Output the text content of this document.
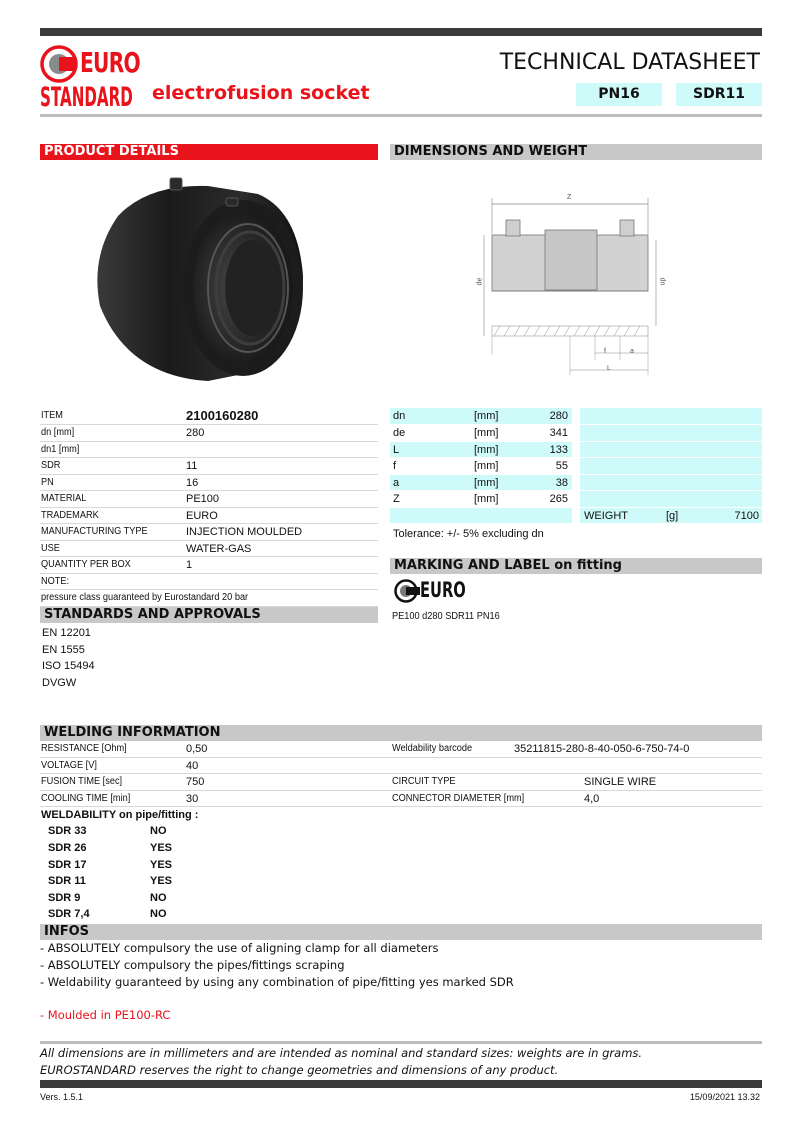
EURO
STANDARD electrofusion socket
TECHNICAL DATASHEET
PN16	SDR11
PRODUCT DETAILS	DIMENSIONS AND WEIGHT
Z
de	dn
f	a
L
ITEM	2100160280
dn [mm]	280
dn1 [mm]
SDR	11
PN	16
MATERIAL	PE100
TRADEMARK	EURO
MANUFACTURING TYPE	INJECTION MOULDED
USE	WATER-GAS
QUANTITY PER BOX	1
NOTE:
pressure class guaranteed by Eurostandard 20 bar
dn	[mm]	280
de	[mm]	341
L	[mm]	133
f	[mm]	55
a	[mm]	38
Z	[mm]	265
WEIGHT	[g]	7100
Tolerance: +/- 5% excluding dn
MARKING AND LABEL on fitting
EURO
PE100 d280 SDR11 PN16
STANDARDS AND APPROVALS
EN 12201
EN 1555
ISO 15494
DVGW
WELDING INFORMATION
RESISTANCE [Ohm]	0,50	Weldability barcode	35211815-280-8-40-050-6-750-74-0
VOLTAGE [V]	40
FUSION TIME [sec]	750	CIRCUIT TYPE	SINGLE WIRE
COOLING TIME [min]	30	CONNECTOR DIAMETER [mm]	4,0
WELDABILITY on pipe/fitting :
SDR 33	NO
SDR 26	YES
SDR 17	YES
SDR 11	YES
SDR 9	NO
SDR 7,4	NO
INFOS
- ABSOLUTELY compulsory the use of aligning clamp for all diameters
- ABSOLUTELY compulsory the pipes/fittings scraping
- Weldability guaranteed by using any combination of pipe/fitting yes marked SDR
- Moulded in PE100-RC
All dimensions are in millimeters and are intended as nominal and standard sizes: weights are in grams.
EUROSTANDARD reserves the right to change geometries and dimensions of any product.
Vers. 1.5.1	15/09/2021 13.32
